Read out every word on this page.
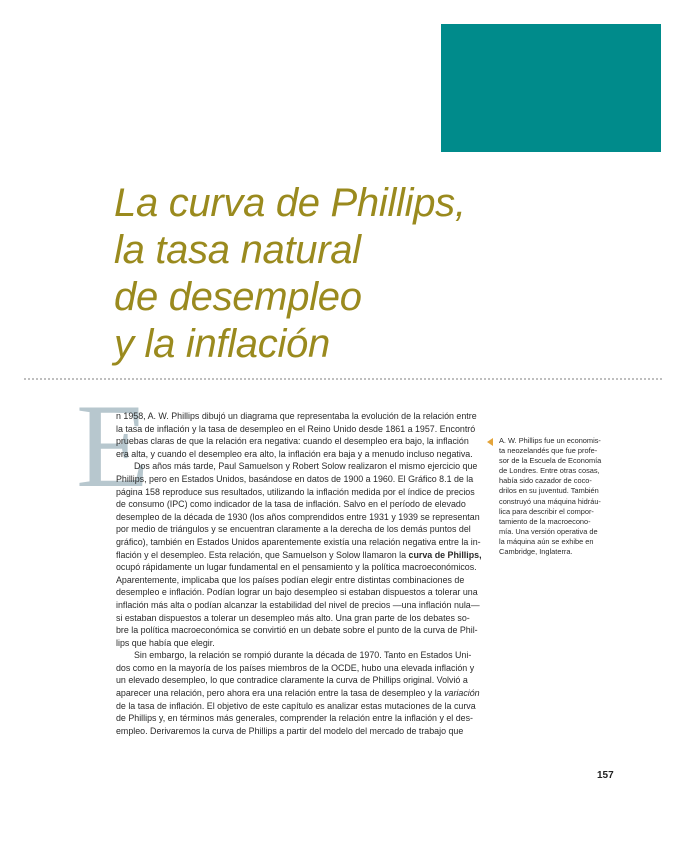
La curva de Phillips,
la tasa natural
de desempleo
y la inflación
E

n 1958, A. W. Phillips dibujó un diagrama que representaba la evolución de la relación entre
la tasa de inflación y la tasa de desempleo en el Reino Unido desde 1861 a 1957. Encontró
pruebas claras de que la relación era negativa: cuando el desempleo era bajo, la inflación
era alta, y cuando el desempleo era alto, la inflación era baja y a menudo incluso negativa.

Dos años más tarde, Paul Samuelson y Robert Solow realizaron el mismo ejercicio que
Phillips, pero en Estados Unidos, basándose en datos de 1900 a 1960. El Gráfico 8.1 de la
página 158 reproduce sus resultados, utilizando la inflación medida por el índice de precios
de consumo (IPC) como indicador de la tasa de inflación. Salvo en el período de elevado
desempleo de la década de 1930 (los años comprendidos entre 1931 y 1939 se representan
por medio de triángulos y se encuentran claramente a la derecha de los demás puntos del
gráfico), también en Estados Unidos aparentemente existía una relación negativa entre la in-
flación y el desempleo. Esta relación, que Samuelson y Solow llamaron la curva de Phillips,
ocupó rápidamente un lugar fundamental en el pensamiento y la política macroeconómicos.
Aparentemente, implicaba que los países podían elegir entre distintas combinaciones de
desempleo e inflación. Podían lograr un bajo desempleo si estaban dispuestos a tolerar una
inflación más alta o podían alcanzar la estabilidad del nivel de precios —una inflación nula—
si estaban dispuestos a tolerar un desempleo más alto. Una gran parte de los debates so-
bre la política macroeconómica se convirtió en un debate sobre el punto de la curva de Phil-
lips que había que elegir.

Sin embargo, la relación se rompió durante la década de 1970. Tanto en Estados Uni-
dos como en la mayoría de los países miembros de la OCDE, hubo una elevada inflación y
un elevado desempleo, lo que contradice claramente la curva de Phillips original. Volvió a
aparecer una relación, pero ahora era una relación entre la tasa de desempleo y la variación
de la tasa de inflación. El objetivo de este capítulo es analizar estas mutaciones de la curva
de Phillips y, en términos más generales, comprender la relación entre la inflación y el des-
empleo. Derivaremos la curva de Phillips a partir del modelo del mercado de trabajo que

A. W. Phillips fue un economis-
ta neozelandés que fue profe-
sor de la Escuela de Economía
de Londres. Entre otras cosas,
había sido cazador de coco-
drilos en su juventud. También
construyó una máquina hidráu-
lica para describir el compor-
tamiento de la macroecono-
mía. Una versión operativa de
la máquina aún se exhibe en
Cambridge, Inglaterra.
157
